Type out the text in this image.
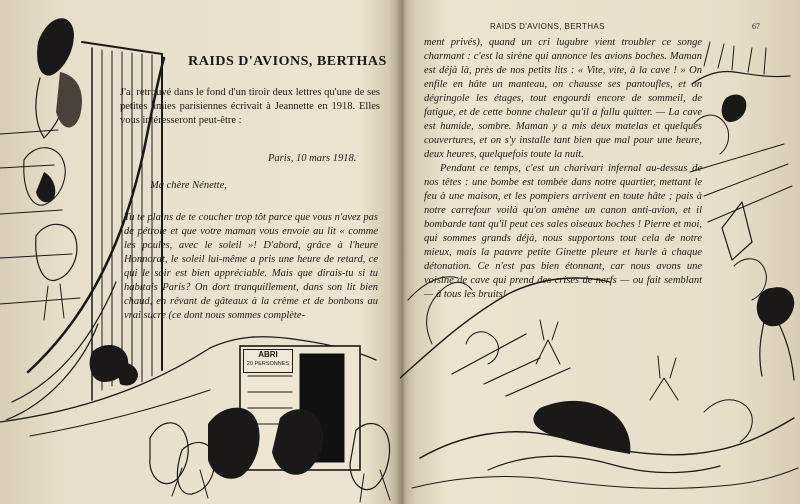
RAIDS D'AVIONS, BERTHAS
J'ai retrouvé dans le fond d'un tiroir deux lettres qu'une de ses petites amies parisiennes écrivait à Jeannette en 1918. Elles vous intéresseront peut-être :
Paris, 10 mars 1918.
Ma chère Nénette,
Tu te plains de te coucher trop tôt parce que vous n'avez pas de pétrole et que votre maman vous envoie au lit « comme les poules, avec le soleil »! D'abord, grâce à l'heure Honnorat, le soleil lui-même a pris une heure de retard, ce qui le soir est bien appréciable. Mais que dirais-tu si tu habitais Paris? On dort tranquillement, dans son lit bien chaud, en rêvant de gâteaux à la crème et de bonbons au vrai sucre (ce dont nous sommes complète-
ABRI
20 PERSONNES
RAIDS D'AVIONS, BERTHAS	67

ment privés), quand un cri lugubre vient troubler ce songe charmant : c'est la sirène qui annonce les avions boches. Maman est déjà là, près de nos petits lits : « Vite, vite, à la cave ! » On enfile en hâte un manteau, on chausse ses pantoufles, et on dégringole les étages, tout engourdi encore de sommeil, de fatigue, et de cette bonne chaleur qu'il a fallu quitter. — La cave est humide, sombre. Maman y a mis deux matelas et quelques couvertures, et on s'y installe tant bien que mal pour une heure, deux heures, quelquefois toute la nuit.

Pendant ce temps, c'est un charivari infernal au-dessus de nos têtes : une bombe est tombée dans notre quartier, mettant le feu à une maison, et les pompiers arrivent en toute hâte ; pais à notre carrefour voilà qu'on amène un canon anti-avion, et il bombarde tant qu'il peut ces sales oiseaux boches ! Pierre et moi, qui sommes grands déjà, nous supportons tout cela de notre mieux, mais la pauvre petite Ginette pleure et hurle à chaque détonation. Ce n'est pas bien étonnant, car nous avons une voisine de cave qui prend des crises de nerfs — ou fait semblant — à tous les bruits!
